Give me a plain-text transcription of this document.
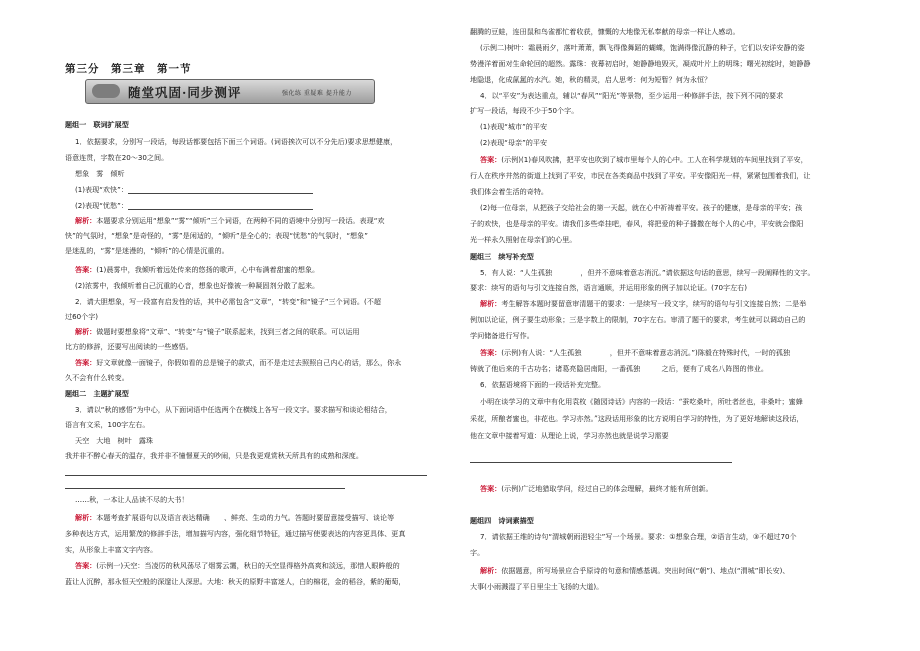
第三分　第三章　第一节
随堂巩固·同步测评	强化练 重疑难 提升能力
题组一　联词扩展型
1．依据要求，分别写一段话，每段话都要包括下面三个词语。(词语挨次可以不分先后)要求思想健康，
语意连贯，字数在20～30之间。
想象　雾　倾听
(1)表现“欢快”：
(2)表现“忧愁”：
解析：本题要求分别运用“想象”“雾”“倾听”三个词语，在两种不同的语境中分别写一段话。表现“欢
快”的气氛时，“想象”是奇怪的，“雾”是闲适的，“倾听”是全心的；表现“忧愁”的气氛时，“想象”
是迷乱的，“雾”是迷漫的，“倾听”的心情是沉重的。
答案：(1)晨雾中，我倾听着远处传来的悠扬的歌声，心中布满着甜蜜的想象。
(2)浓雾中，我倾听着自己沉重的心音，想象也好像被一种凝固剂分散了起来。
2．请大胆想象，写一段富有启发性的话，其中必需包含“文章”，“转变”和“镜子”三个词语。(不超
过60个字)
解析：做题时要想象将“文章”、“转变”与“镜子”联系起来，找到三者之间的联系。可以运用
比方的修辞，还要写出阅读的一些感悟。
答案：好文章就像一面镜子，你假如看的总是镜子的款式，而不是走过去照照自己内心的话，那么，你永
久不会有什么转变。
题组二　主题扩展型
3．请以“秋的感悟”为中心，从下面词语中任选两个在横线上各写一段文字。要求描写和谈论相结合，
语言有文采，100字左右。
天空　大地　树叶　露珠
我并非不醉心春天的温存，我并非不憧憬夏天的吵闹，只是我更观赏秋天所具有的成熟和深度。
……秋，一本让人品读不尽的大书！
解析：本题考查扩展语句以及语言表达精确　　、鲜亮、生动的力气。答题时要留意接受描写、谈论等
多种表达方式，运用繁茂的修辞手法，增加描写内容，强化细节特征，通过描写使要表达的内容更具体、更真
实，从形象上丰富文字内容。
答案：(示例一)天空：当凌厉的秋风荡尽了烟雾云霭，秋日的天空显得格外高爽和淡远，那惜人眼眸般的
蓝让人沉醉，那永恒天空般的深邃让人深思。大地：秋天的原野丰富迷人，白的棉花，金的稻谷，紫的葡萄，
翻腾的豆蛙，连田鼠和鸟雀都忙着收获，慷慨的大地像无私奉献的母亲一样让人感动。
(示例二)树叶：霜晨雨夕，落叶萧萧，飘飞得像舞蹈的蝴蝶，饱满得像沉静的种子，它们以安详安静的姿
势漫洋着面对生命轮回的超然。露珠：夜幕初启时，她静静地毁灭，凝成叶片上的明珠；曙光初绽时，她静静
地隐退，化成氤氲的水汽。她，秋的精灵，启人思考：何为短暂？何为永恒？
4．以“平安”为表达重点，辅以“春风”“阳光”等景物，至少运用一种修辞手法，按下列不同的要求
扩写一段话，每段不少于50个字。
(1)表现“城市”的平安
(2)表现“母亲”的平安
答案：(示例)(1)春风吹拂，把平安也吹到了城市里每个人的心中。工人在科学规划的车间里找到了平安，
行人在秩序井然的街道上找到了平安，市民在各类商品中找到了平安。平安像阳光一样，紧紧包围着我们，让
我们体会着生活的奇特。
(2)每一位母亲，从把孩子交给社会的第一天起，就在心中祈祷着平安。孩子的健康，是母亲的平安；孩
子的欢快，也是母亲的平安。请我们多些牵挂吧，春风，将把爱的种子播撒在每个人的心中，平安就会像阳
光一样永久照射在母亲们的心里。
题组三　续写补充型
5．有人说：“人生孤独　　　　，但并不意味着意志消沉。”请依据这句话的意思，续写一段阐释性的文字。
要求：续写的语句与引文连接自然，语言通顺，并运用形象的例子加以论证。(70字左右)
解析：考生解答本题时要留意审清题干的要求：一是续写一段文字，续写的语句与引文连接自然；二是举
例加以论证，例子要生动形象；三是字数上的限制，70字左右。审清了题干的要求，考生就可以调动自己的
学问储备进行写作。
答案：(示例)有人说：“人生孤独　　　　，但并不意味着意志消沉。”)陈毅在特殊时代，一时的孤独
铸就了他后来的千古功名；诸葛亮隐居南阳，一番孤独　　　之后，便有了成名八阵图的伟业。
6．依据语境将下面的一段话补充完整。
小明在谈学习的文章中有化用袁枚《随园诗话》内容的一段话：“蚕吃桑叶，所吐者丝也，非桑叶；蜜蜂
采花，所酿者蜜也，非花也。学习亦然。”这段话用形象的比方说明自学习的特性，为了更好地解读这段话，
他在文章中接着写道：从理论上说，学习亦然也就是说学习需要
答案：(示例)广泛地猎取学问，经过自己的体会理解，最终才能有所创新。
题组四　诗词素描型
7．请依据王维的诗句“渭城朝雨浥轻尘”写一个场景。要求：①想象合理，②语言生动，③不超过70个
字。
解析：依据题意，所写场景应合乎原诗的句意和情感基调。突出时间(“朝”)、地点(“渭城”即长安)、
大事(小雨溅湿了平日里尘土飞扬的大道)。
